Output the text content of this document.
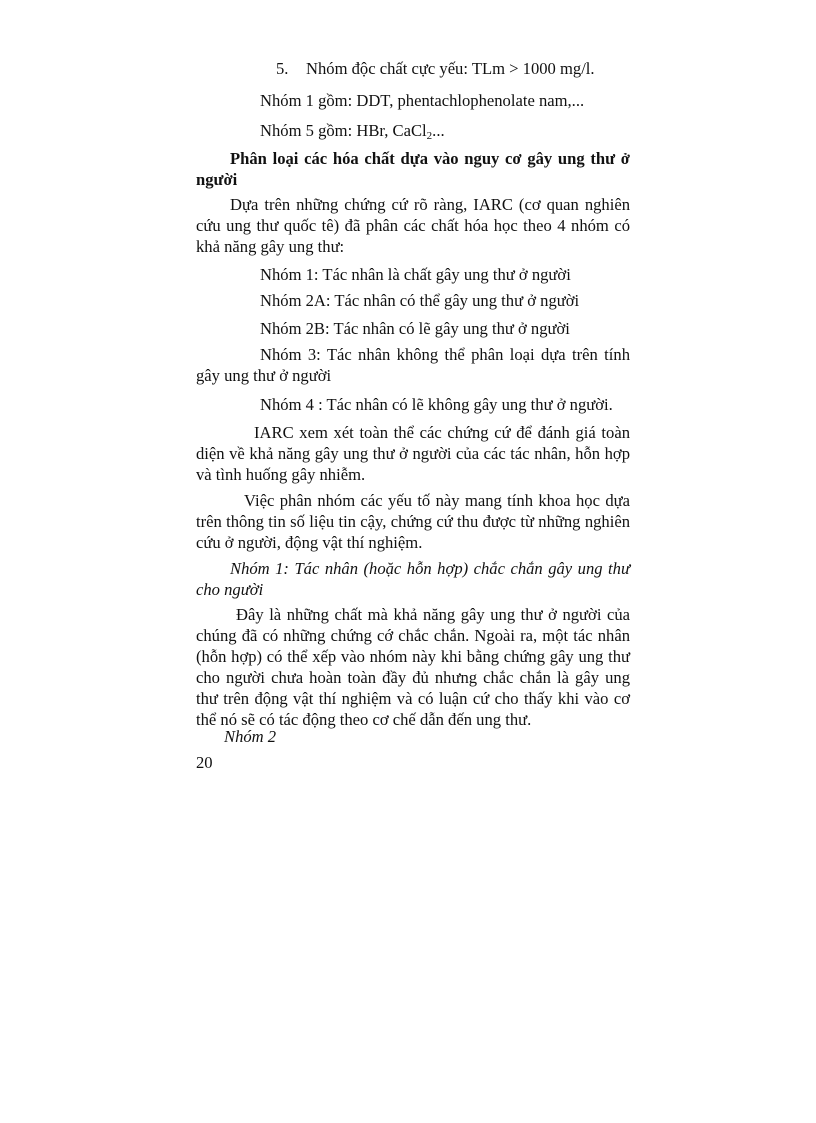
5. Nhóm độc chất cực yếu: TLm > 1000 mg/l.

Nhóm 1 gồm: DDT, phentachlophenolate nam,...

Nhóm 5 gồm: HBr, CaCl$_2$...

Phân loại các hóa chất dựa vào nguy cơ gây ung thư ở người

Dựa trên những chứng cứ rõ ràng, IARC (cơ quan nghiên cứu ung thư quốc tê) đã phân các chất hóa học theo 4 nhóm có khả năng gây ung thư:

Nhóm 1: Tác nhân là chất gây ung thư ở người

Nhóm 2A: Tác nhân có thể gây ung thư ở người

Nhóm 2B: Tác nhân có lẽ gây ung thư ở người

Nhóm 3: Tác nhân không thể phân loại dựa trên tính gây ung thư ở người

Nhóm 4 : Tác nhân có lẽ không gây ung thư ở người.

IARC xem xét toàn thể các chứng cứ để đánh giá toàn diện về khả năng gây ung thư ở người của các tác nhân, hỗn hợp và tình huống gây nhiễm.

Việc phân nhóm các yếu tố này mang tính khoa học dựa trên thông tin số liệu tin cậy, chứng cứ thu được từ những nghiên cứu ở người, động vật thí nghiệm.

Nhóm 1: Tác nhân (hoặc hỗn hợp) chắc chắn gây ung thư cho người

Đây là những chất mà khả năng gây ung thư ở người của chúng đã có những chứng cớ chắc chắn. Ngoài ra, một tác nhân (hỗn hợp) có thể xếp vào nhóm này khi bằng chứng gây ung thư cho người chưa hoàn toàn đầy đủ nhưng chắc chắn là gây ung thư trên động vật thí nghiệm và có luận cứ cho thấy khi vào cơ thể nó sẽ có tác động theo cơ chế dẫn đến ung thư.

Nhóm 2

20
